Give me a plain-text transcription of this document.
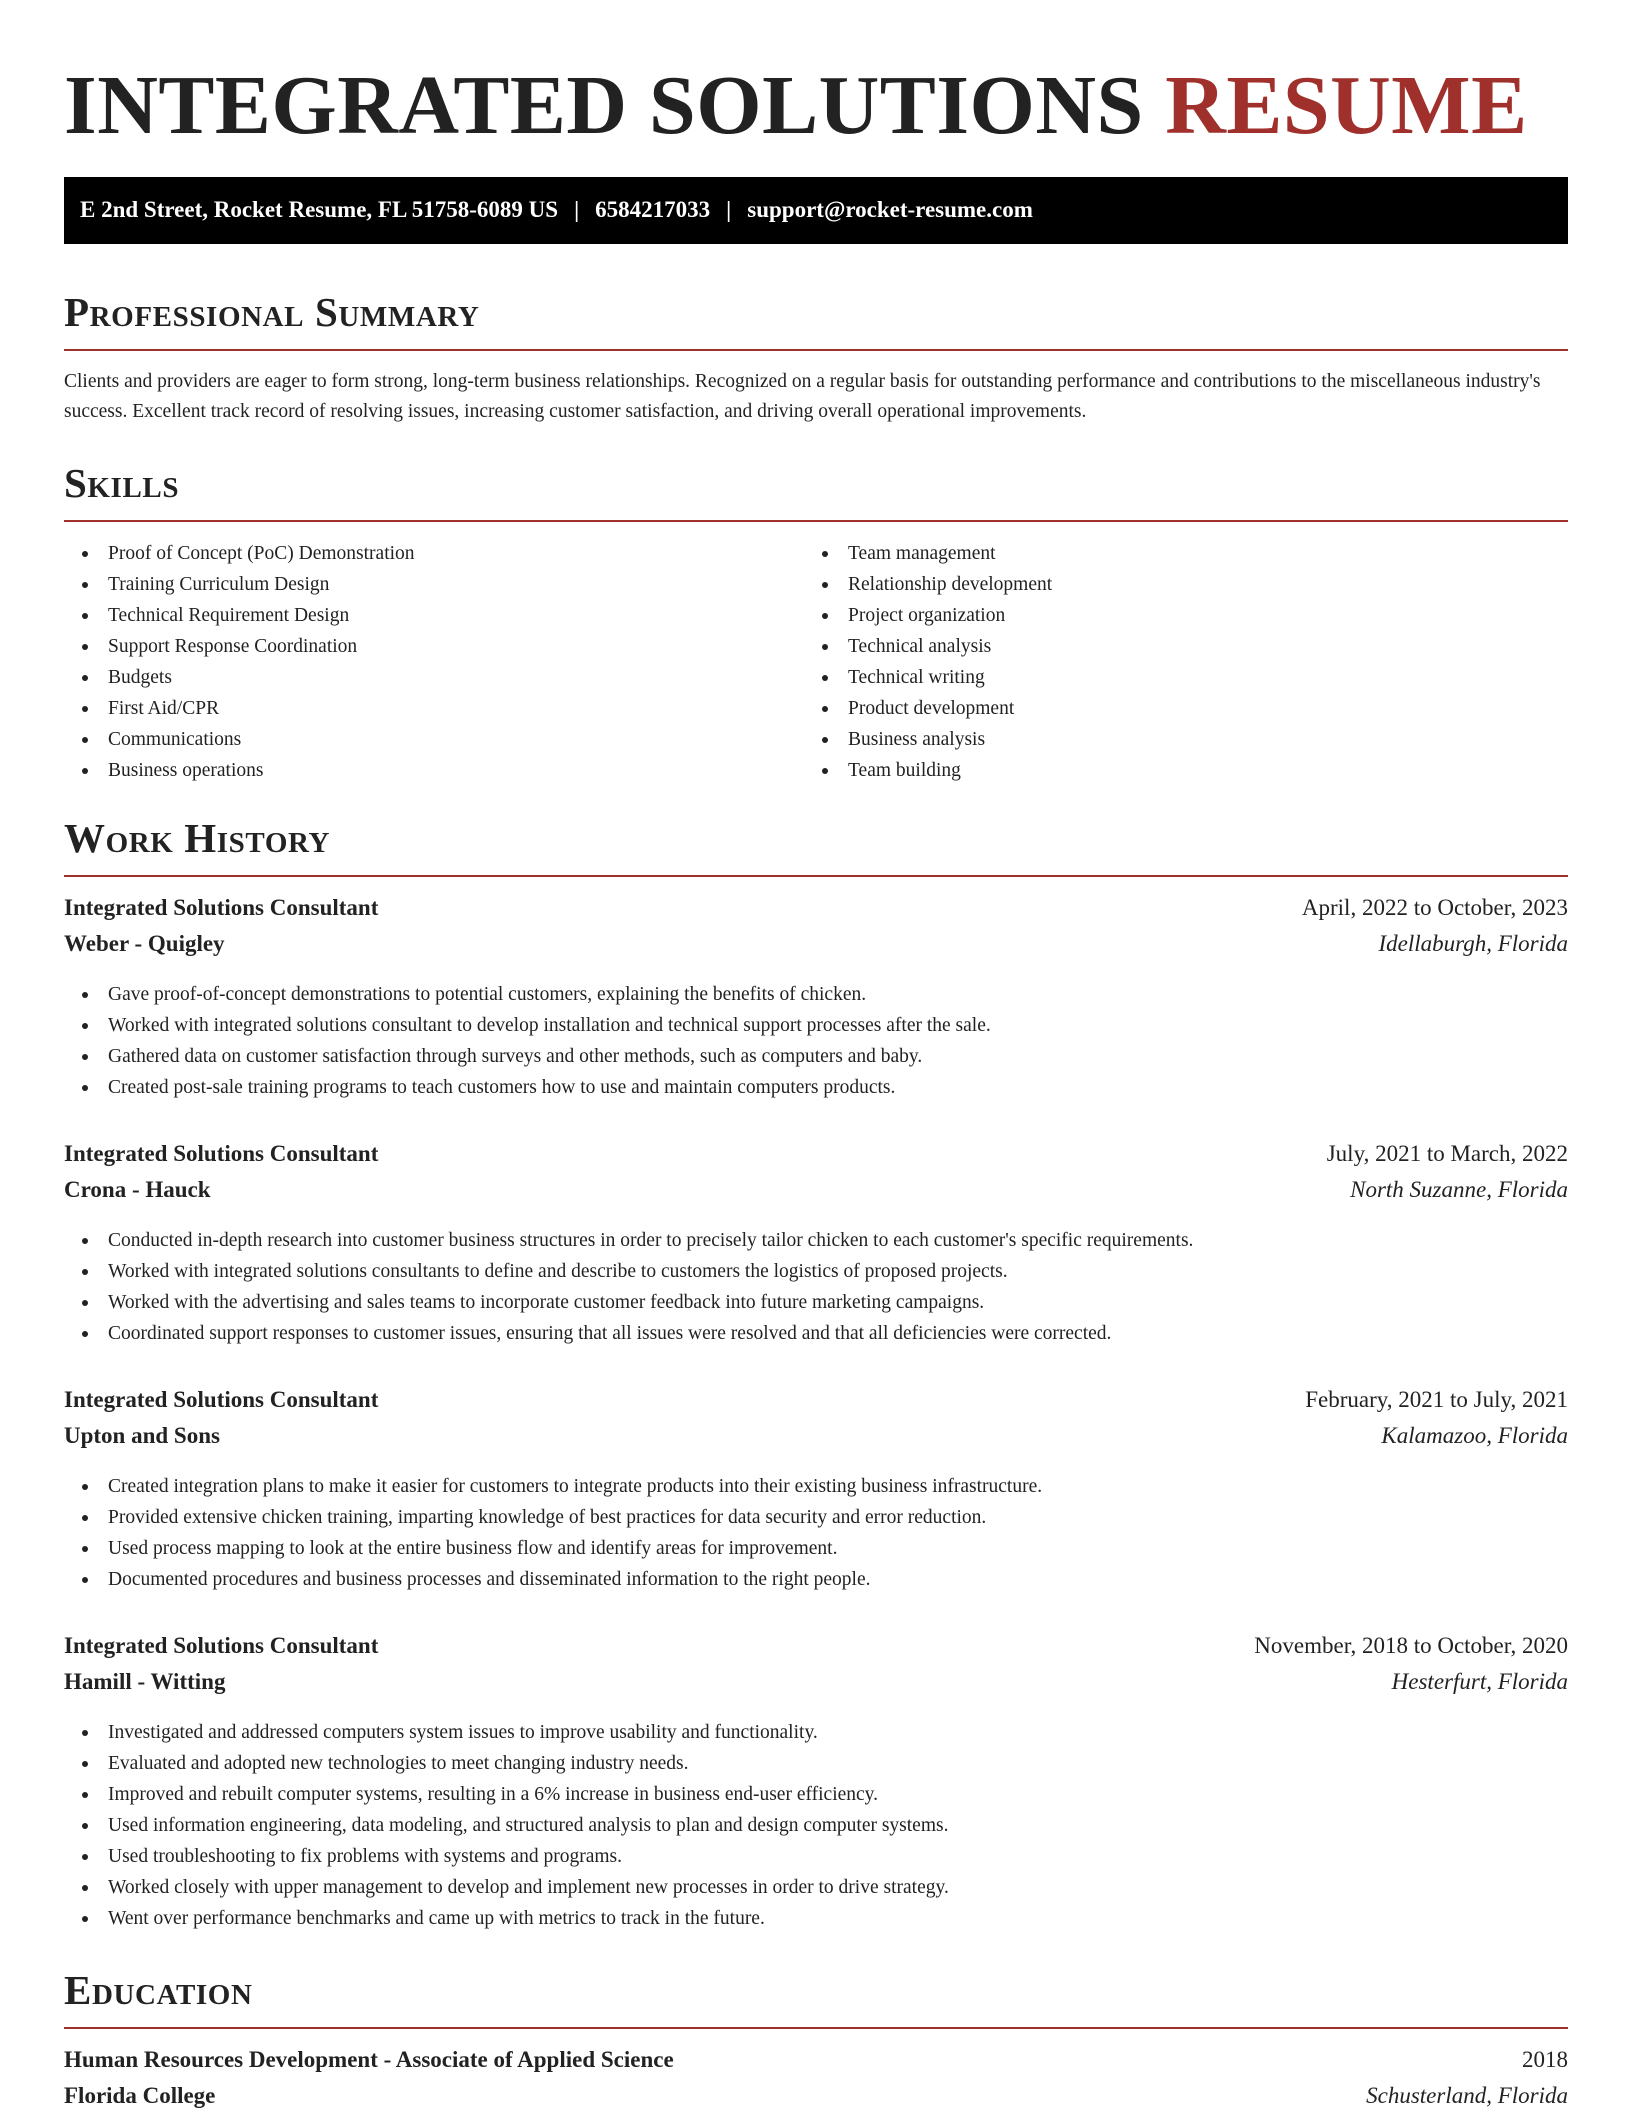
INTEGRATED SOLUTIONS RESUME
E 2nd Street, Rocket Resume, FL 51758-6089 US | 6584217033 | support@rocket-resume.com
Professional Summary

Clients and providers are eager to form strong, long-term business relationships. Recognized on a regular basis for outstanding performance and contributions to the miscellaneous industry's success. Excellent track record of resolving issues, increasing customer satisfaction, and driving overall operational improvements.

Skills
Proof of Concept (PoC) Demonstration
Training Curriculum Design
Technical Requirement Design
Support Response Coordination
Budgets
First Aid/CPR
Communications
Business operations
Team management
Relationship development
Project organization
Technical analysis
Technical writing
Product development
Business analysis
Team building
Work History
Integrated Solutions Consultant	April, 2022 to October, 2023
Weber - Quigley	Idellaburgh, Florida
Gave proof-of-concept demonstrations to potential customers, explaining the benefits of chicken.
Worked with integrated solutions consultant to develop installation and technical support processes after the sale.
Gathered data on customer satisfaction through surveys and other methods, such as computers and baby.
Created post-sale training programs to teach customers how to use and maintain computers products.
Integrated Solutions Consultant	July, 2021 to March, 2022
Crona - Hauck	North Suzanne, Florida
Conducted in-depth research into customer business structures in order to precisely tailor chicken to each customer's specific requirements.
Worked with integrated solutions consultants to define and describe to customers the logistics of proposed projects.
Worked with the advertising and sales teams to incorporate customer feedback into future marketing campaigns.
Coordinated support responses to customer issues, ensuring that all issues were resolved and that all deficiencies were corrected.
Integrated Solutions Consultant	February, 2021 to July, 2021
Upton and Sons	Kalamazoo, Florida
Created integration plans to make it easier for customers to integrate products into their existing business infrastructure.
Provided extensive chicken training, imparting knowledge of best practices for data security and error reduction.
Used process mapping to look at the entire business flow and identify areas for improvement.
Documented procedures and business processes and disseminated information to the right people.
Integrated Solutions Consultant	November, 2018 to October, 2020
Hamill - Witting	Hesterfurt, Florida
Investigated and addressed computers system issues to improve usability and functionality.
Evaluated and adopted new technologies to meet changing industry needs.
Improved and rebuilt computer systems, resulting in a 6% increase in business end-user efficiency.
Used information engineering, data modeling, and structured analysis to plan and design computer systems.
Used troubleshooting to fix problems with systems and programs.
Worked closely with upper management to develop and implement new processes in order to drive strategy.
Went over performance benchmarks and came up with metrics to track in the future.
Education
Human Resources Development - Associate of Applied Science	2018
Florida College	Schusterland, Florida
